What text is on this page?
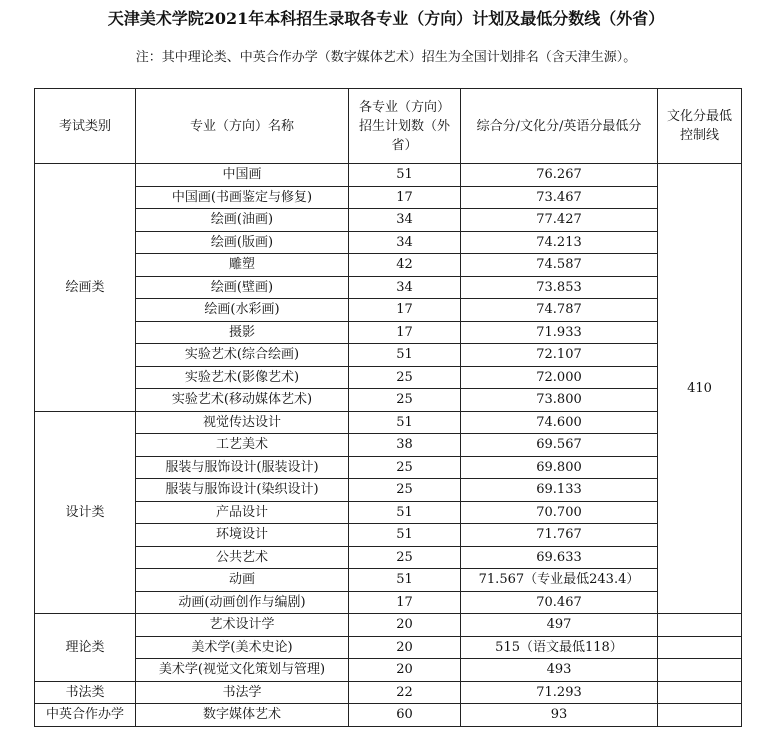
天津美术学院2021年本科招生录取各专业（方向）计划及最低分数线（外省）
注：其中理论类、中英合作办学（数字媒体艺术）招生为全国计划排名（含天津生源）。
考试类别	专业（方向）名称	各专业（方向）招生计划数（外省）	综合分/文化分/英语分最低分	文化分最低控制线
绘画类	中国画	51	76.267	410
	中国画(书画鉴定与修复)	17	73.467	
	绘画(油画)	34	77.427	
	绘画(版画)	34	74.213	
	雕塑	42	74.587	
	绘画(壁画)	34	73.853	
	绘画(水彩画)	17	74.787	
	摄影	17	71.933	
	实验艺术(综合绘画)	51	72.107	
	实验艺术(影像艺术)	25	72.000	
	实验艺术(移动媒体艺术)	25	73.800	
设计类	视觉传达设计	51	74.600	
	工艺美术	38	69.567	
	服装与服饰设计(服装设计)	25	69.800	
	服装与服饰设计(染织设计)	25	69.133	
	产品设计	51	70.700	
	环境设计	51	71.767	
	公共艺术	25	69.633	
	动画	51	71.567（专业最低243.4）	
	动画(动画创作与编剧)	17	70.467	
理论类	艺术设计学	20	497	
	美术学(美术史论)	20	515（语文最低118）	
	美术学(视觉文化策划与管理)	20	493	
书法类	书法学	22	71.293	
中英合作办学	数字媒体艺术	60	93	
